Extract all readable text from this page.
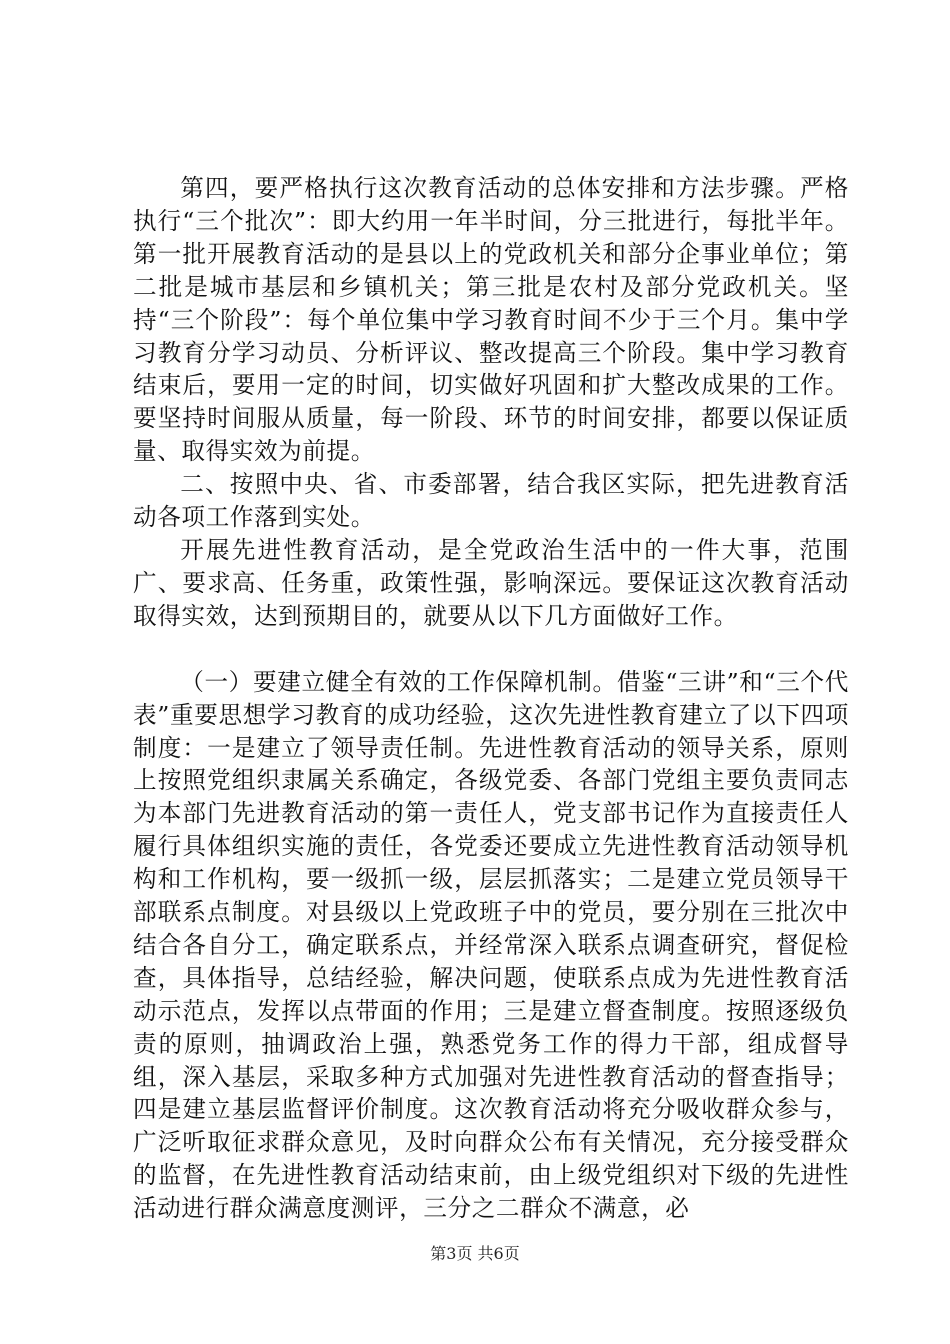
第四，要严格执行这次教育活动的总体安排和方法步骤。严格执行“三个批次”：即大约用一年半时间，分三批进行，每批半年。第一批开展教育活动的是县以上的党政机关和部分企事业单位；第二批是城市基层和乡镇机关；第三批是农村及部分党政机关。坚持“三个阶段”：每个单位集中学习教育时间不少于三个月。集中学习教育分学习动员、分析评议、整改提高三个阶段。集中学习教育结束后，要用一定的时间，切实做好巩固和扩大整改成果的工作。要坚持时间服从质量，每一阶段、环节的时间安排，都要以保证质量、取得实效为前提。

二、按照中央、省、市委部署，结合我区实际，把先进教育活动各项工作落到实处。

开展先进性教育活动，是全党政治生活中的一件大事，范围广、要求高、任务重，政策性强，影响深远。要保证这次教育活动取得实效，达到预期目的，就要从以下几方面做好工作。

（一）要建立健全有效的工作保障机制。借鉴“三讲”和“三个代表”重要思想学习教育的成功经验，这次先进性教育建立了以下四项制度：一是建立了领导责任制。先进性教育活动的领导关系，原则上按照党组织隶属关系确定，各级党委、各部门党组主要负责同志为本部门先进教育活动的第一责任人，党支部书记作为直接责任人履行具体组织实施的责任，各党委还要成立先进性教育活动领导机构和工作机构，要一级抓一级，层层抓落实；二是建立党员领导干部联系点制度。对县级以上党政班子中的党员，要分别在三批次中结合各自分工，确定联系点，并经常深入联系点调查研究，督促检查，具体指导，总结经验，解决问题，使联系点成为先进性教育活动示范点，发挥以点带面的作用；三是建立督查制度。按照逐级负责的原则，抽调政治上强，熟悉党务工作的得力干部，组成督导组，深入基层，采取多种方式加强对先进性教育活动的督查指导；四是建立基层监督评价制度。这次教育活动将充分吸收群众参与，广泛听取征求群众意见，及时向群众公布有关情况，充分接受群众的监督，在先进性教育活动结束前，由上级党组织对下级的先进性活动进行群众满意度测评，三分之二群众不满意，必

第3页 共6页
